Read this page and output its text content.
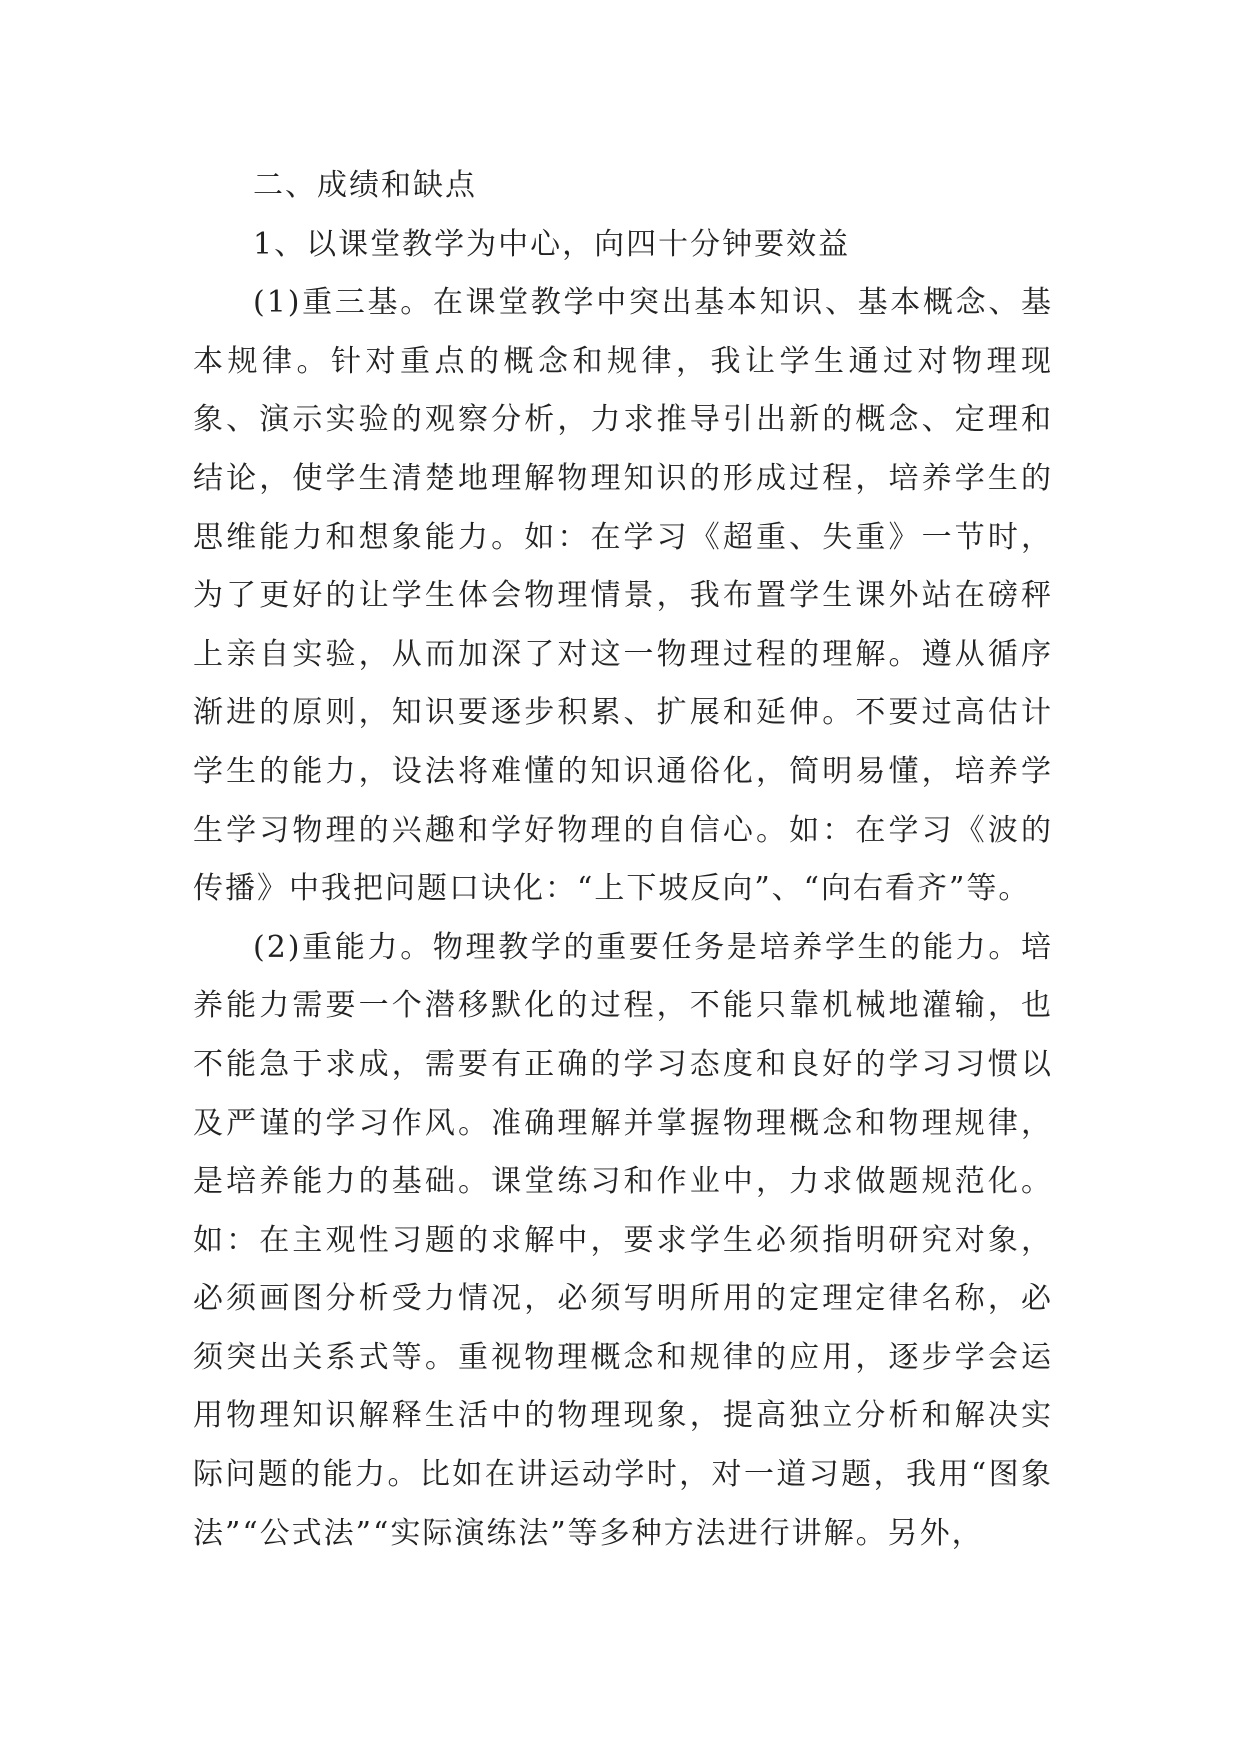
二、成绩和缺点

1、以课堂教学为中心，向四十分钟要效益

(1)重三基。在课堂教学中突出基本知识、基本概念、基本规律。针对重点的概念和规律，我让学生通过对物理现象、演示实验的观察分析，力求推导引出新的概念、定理和结论，使学生清楚地理解物理知识的形成过程，培养学生的思维能力和想象能力。如：在学习《超重、失重》一节时，为了更好的让学生体会物理情景，我布置学生课外站在磅秤上亲自实验，从而加深了对这一物理过程的理解。遵从循序渐进的原则，知识要逐步积累、扩展和延伸。不要过高估计学生的能力，设法将难懂的知识通俗化，简明易懂，培养学生学习物理的兴趣和学好物理的自信心。如：在学习《波的传播》中我把问题口诀化：“上下坡反向”、“向右看齐”等。

(2)重能力。物理教学的重要任务是培养学生的能力。培养能力需要一个潜移默化的过程，不能只靠机械地灌输，也不能急于求成，需要有正确的学习态度和良好的学习习惯以及严谨的学习作风。准确理解并掌握物理概念和物理规律，是培养能力的基础。课堂练习和作业中，力求做题规范化。如：在主观性习题的求解中，要求学生必须指明研究对象，必须画图分析受力情况，必须写明所用的定理定律名称，必须突出关系式等。重视物理概念和规律的应用，逐步学会运用物理知识解释生活中的物理现象，提高独立分析和解决实际问题的能力。比如在讲运动学时，对一道习题，我用“图象法”“公式法”“实际演练法”等多种方法进行讲解。另外，
